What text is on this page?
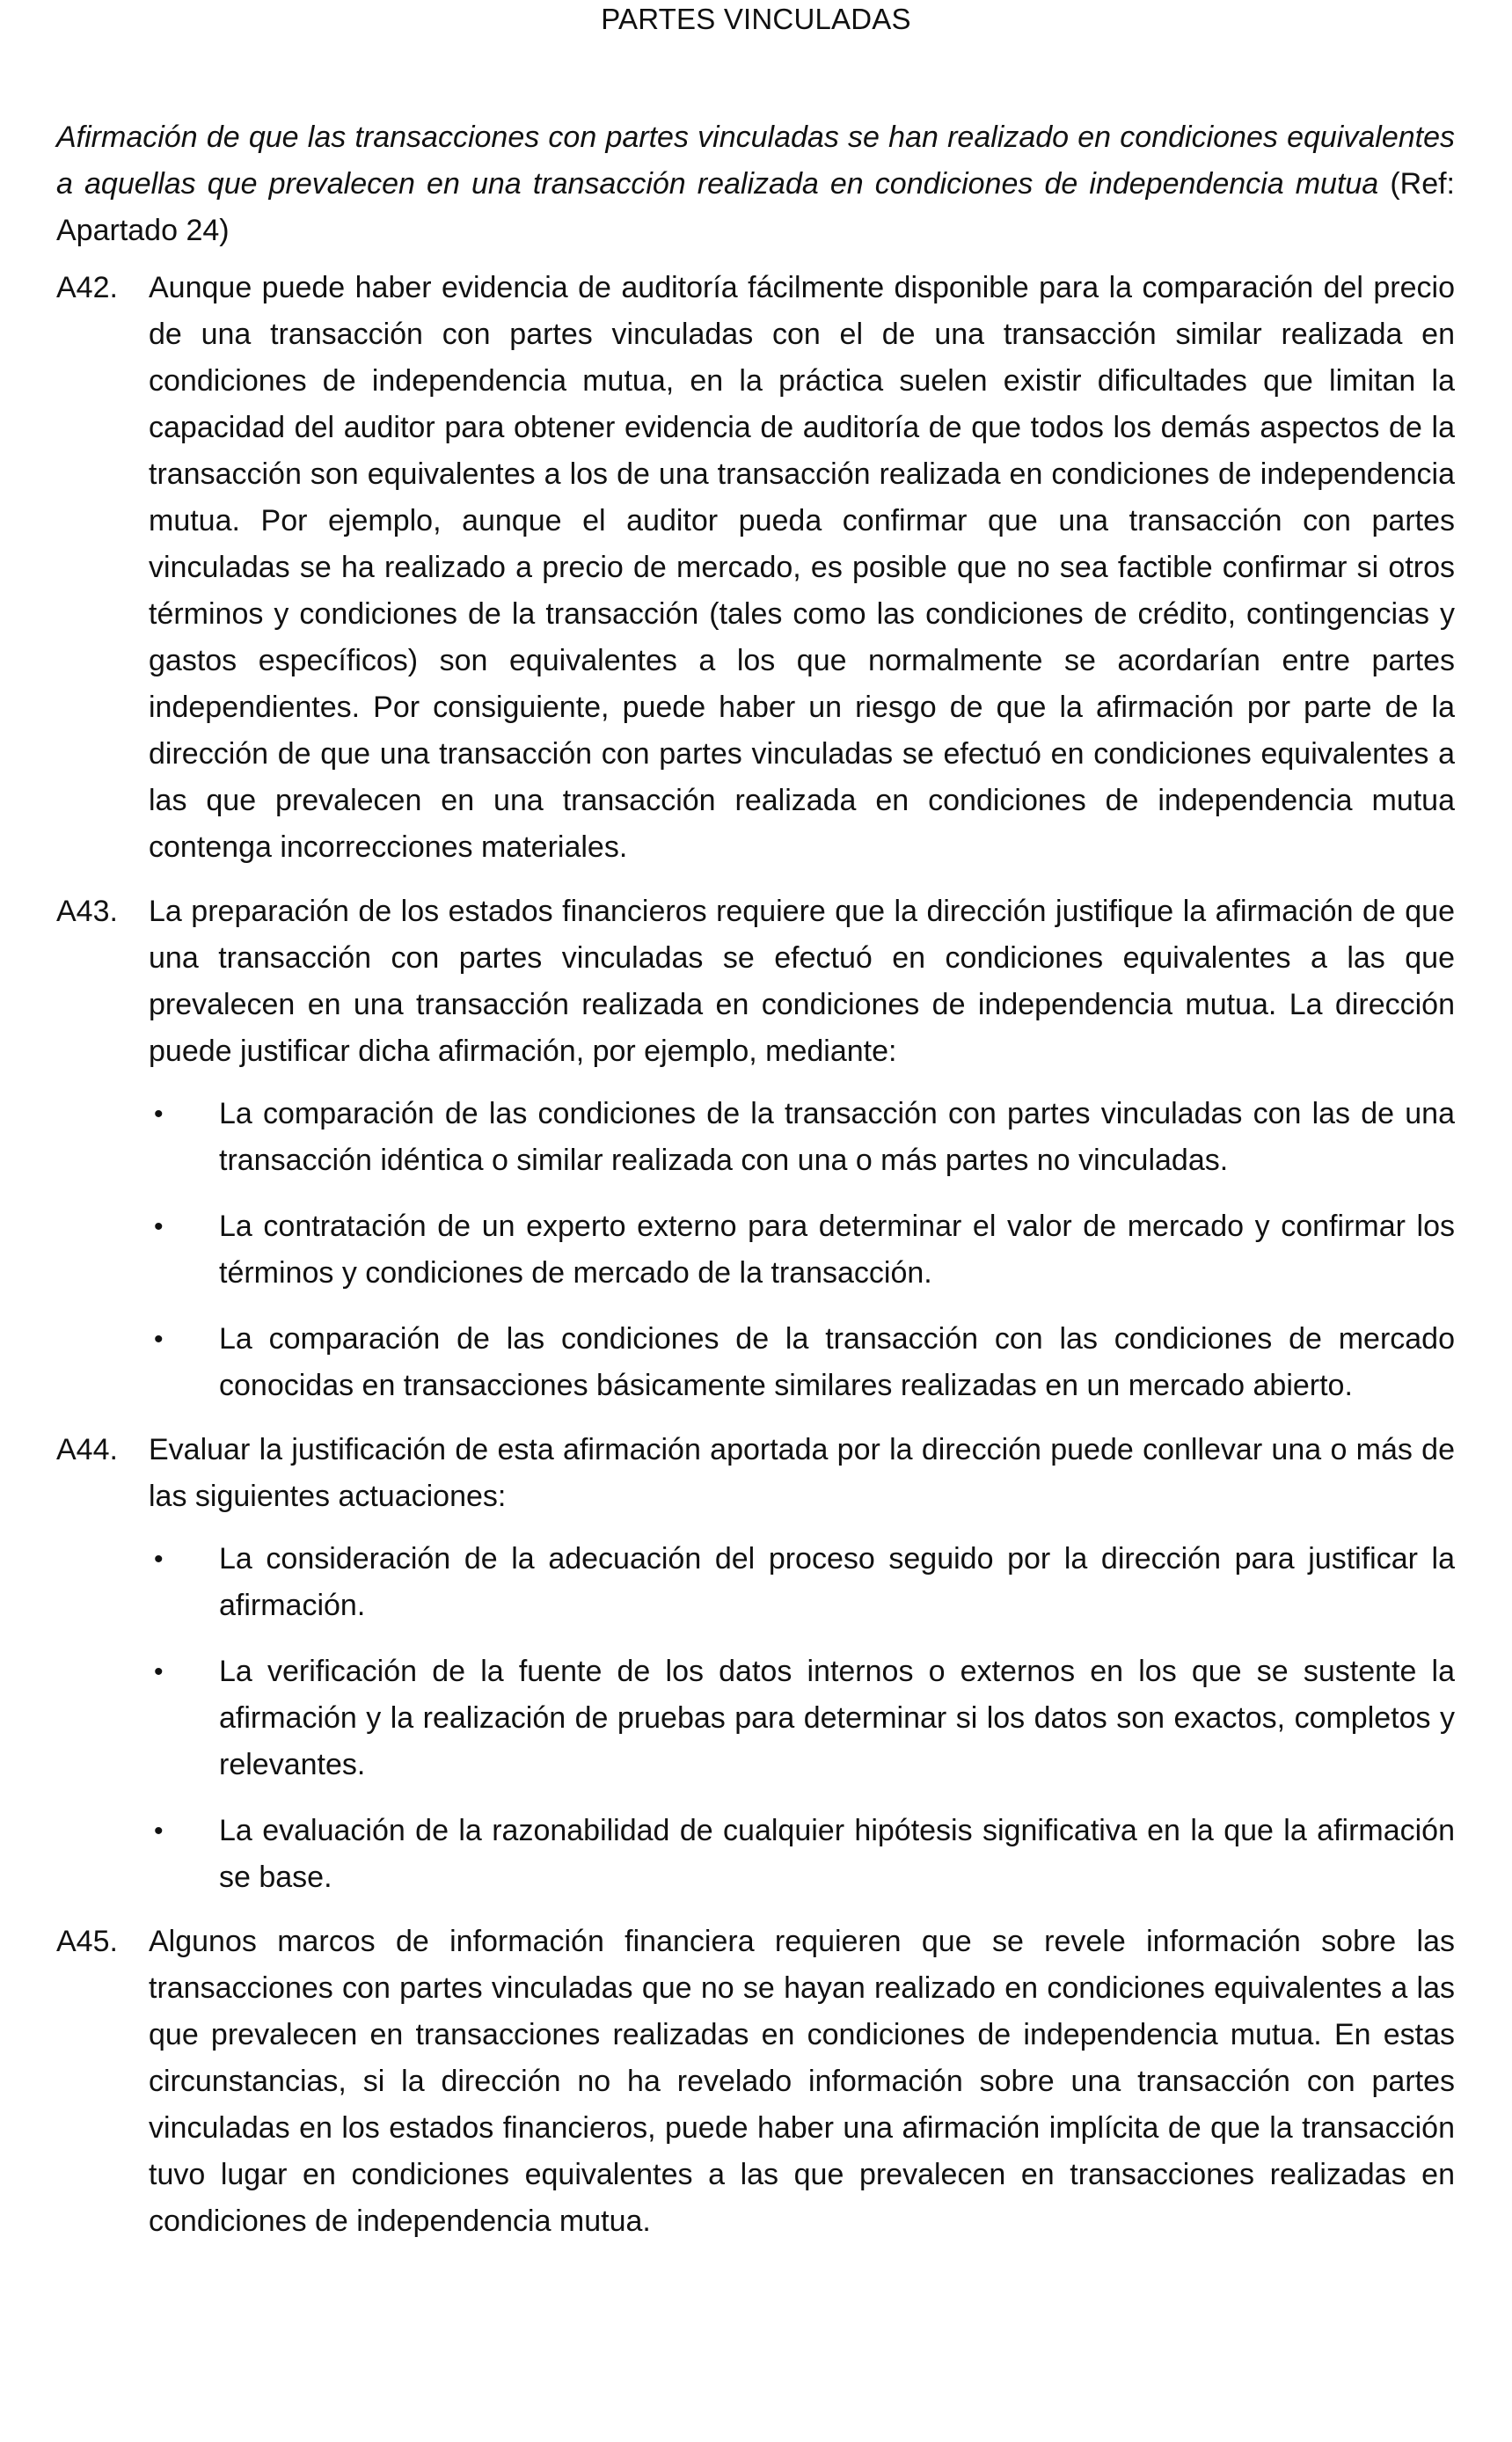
PARTES VINCULADAS

Afirmación de que las transacciones con partes vinculadas se han realizado en condiciones equivalentes a aquellas que prevalecen en una transacción realizada en condiciones de independencia mutua (Ref: Apartado 24)

A42.	Aunque puede haber evidencia de auditoría fácilmente disponible para la comparación del precio de una transacción con partes vinculadas con el de una transacción similar realizada en condiciones de independencia mutua, en la práctica suelen existir dificultades que limitan la capacidad del auditor para obtener evidencia de auditoría de que todos los demás aspectos de la transacción son equivalentes a los de una transacción realizada en condiciones de independencia mutua. Por ejemplo, aunque el auditor pueda confirmar que una transacción con partes vinculadas se ha realizado a precio de mercado, es posible que no sea factible confirmar si otros términos y condiciones de la transacción (tales como las condiciones de crédito, contingencias y gastos específicos) son equivalentes a los que normalmente se acordarían entre partes independientes. Por consiguiente, puede haber un riesgo de que la afirmación por parte de la dirección de que una transacción con partes vinculadas se efectuó en condiciones equivalentes a las que prevalecen en una transacción realizada en condiciones de independencia mutua contenga incorrecciones materiales.
A43.	La preparación de los estados financieros requiere que la dirección justifique la afirmación de que una transacción con partes vinculadas se efectuó en condiciones equivalentes a las que prevalecen en una transacción realizada en condiciones de independencia mutua. La dirección puede justificar dicha afirmación, por ejemplo, mediante:
•	La comparación de las condiciones de la transacción con partes vinculadas con las de una transacción idéntica o similar realizada con una o más partes no vinculadas.
•	La contratación de un experto externo para determinar el valor de mercado y confirmar los términos y condiciones de mercado de la transacción.
•	La comparación de las condiciones de la transacción con las condiciones de mercado conocidas en transacciones básicamente similares realizadas en un mercado abierto.
A44.	Evaluar la justificación de esta afirmación aportada por la dirección puede conllevar una o más de las siguientes actuaciones:
•	La consideración de la adecuación del proceso seguido por la dirección para justificar la afirmación.
•	La verificación de la fuente de los datos internos o externos en los que se sustente la afirmación y la realización de pruebas para determinar si los datos son exactos, completos y relevantes.
•	La evaluación de la razonabilidad de cualquier hipótesis significativa en la que la afirmación se base.
A45.	Algunos marcos de información financiera requieren que se revele información sobre las transacciones con partes vinculadas que no se hayan realizado en condiciones equivalentes a las que prevalecen en transacciones realizadas en condiciones de independencia mutua. En estas circunstancias, si la dirección no ha revelado información sobre una transacción con partes vinculadas en los estados financieros, puede haber una afirmación implícita de que la transacción tuvo lugar en condiciones equivalentes a las que prevalecen en transacciones realizadas en condiciones de independencia mutua.
